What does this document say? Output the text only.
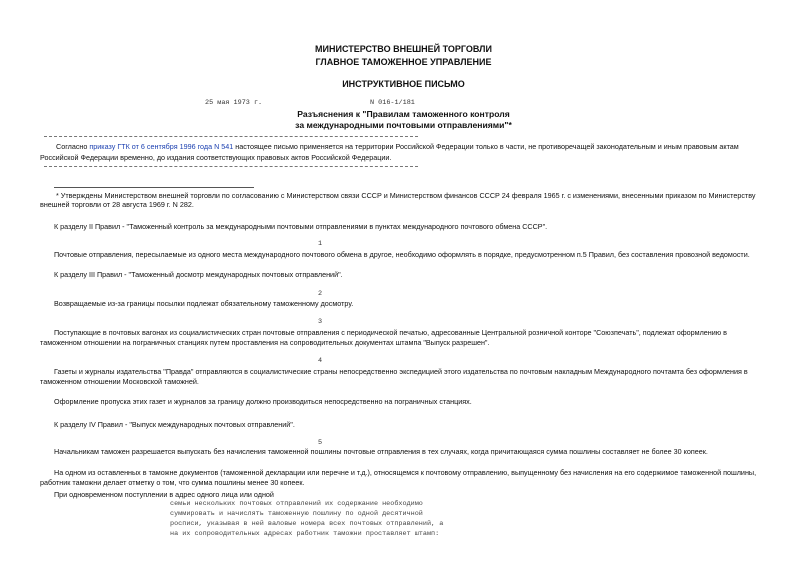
МИНИСТЕРСТВО ВНЕШНЕЙ ТОРГОВЛИ
ГЛАВНОЕ ТАМОЖЕННОЕ УПРАВЛЕНИЕ
ИНСТРУКТИВНОЕ ПИСЬМО
25 мая 1973 г.	N 016-1/181
Разъяснения к "Правилам таможенного контроля
за международными почтовыми отправлениями"*
Согласно приказу ГТК от 6 сентября 1996 года N 541 настоящее письмо применяется на территории Российской Федерации только в части, не противоречащей законодательным и иным правовым актам
Российской Федерации временно, до издания соответствующих правовых актов Российской Федерации.
* Утверждены Министерством внешней торговли по согласованию с Министерством связи СССР и Министерством финансов СССР 24 февраля 1965 г. с изменениями, внесенными приказом по Министерству
внешней торговли от 28 августа 1969 г. N 282.
К разделу II Правил - "Таможенный контроль за международными почтовыми отправлениями в пунктах международного почтового обмена СССР".
1
Почтовые отправления, пересылаемые из одного места международного почтового обмена в другое, необходимо оформлять в порядке, предусмотренном п.5 Правил, без составления провозной ведомости.
К разделу III Правил - "Таможенный досмотр международных почтовых отправлений".
2
Возвращаемые из-за границы посылки подлежат обязательному таможенному досмотру.
3
Поступающие в почтовых вагонах из социалистических стран почтовые отправления с периодической печатью, адресованные Центральной розничной конторе "Союзпечать", подлежат оформлению в
таможенном отношении на пограничных станциях путем проставления на сопроводительных документах штампа "Выпуск разрешен".
4
Газеты и журналы издательства "Правда" отправляются в социалистические страны непосредственно экспедицией этого издательства по почтовым накладным Международного почтамта без оформления в
таможенном отношении Московской таможней.
Оформление пропуска этих газет и журналов за границу должно производиться непосредственно на пограничных станциях.
К разделу IV Правил - "Выпуск международных почтовых отправлений".
5
Начальникам таможен разрешается выпускать без начисления таможенной пошлины почтовые отправления в тех случаях, когда причитающаяся сумма пошлины составляет не более 30 копеек.
На одном из оставленных в таможне документов (таможенной декларации или перечне и т.д.), относящемся к почтовому отправлению, выпущенному без начисления на его содержимое таможенной пошлины,
работник таможни делает отметку о том, что сумма пошлины менее 30 копеек.
При одновременном поступлении в адрес одного лица или одной
семьи нескольких почтовых отправлений их содержание необходимо
суммировать и начислять таможенную пошлину по одной десятичной
росписи, указывая в ней валовые номера всех почтовых отправлений, а
на их сопроводительных адресах работник таможни проставляет штамп:
